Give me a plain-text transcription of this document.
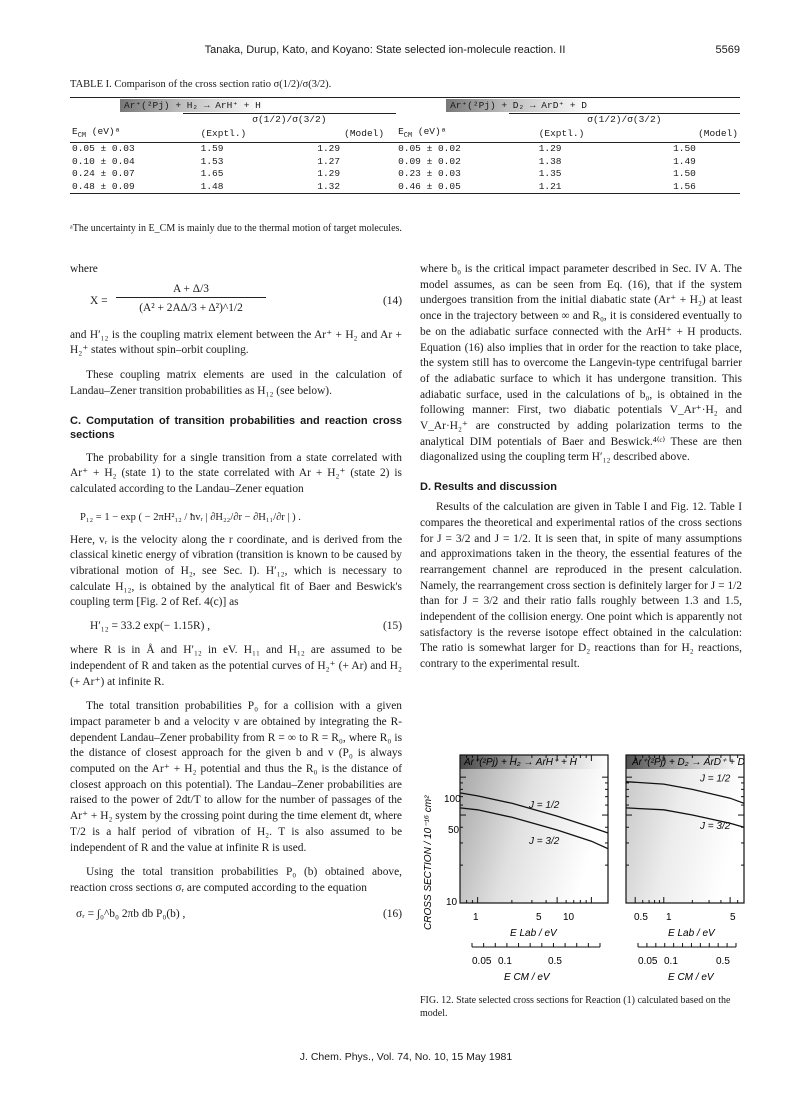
Tanaka, Durup, Kato, and Koyano: State selected ion-molecule reaction. II	5569
TABLE I. Comparison of the cross section ratio σ(1/2)/σ(3/2).

Ar⁺(²Pj) + H₂ → ArH⁺ + H			Ar⁺(²Pj) + D₂ → ArD⁺ + D		
	σ(1/2)/σ(3/2)			σ(1/2)/σ(3/2)	
$E_{CM}$ (eV)ᵃ	(Exptl.)	(Model)	$E_{CM}$ (eV)ᵃ	(Exptl.)	(Model)
0.05 ± 0.03	1.59	1.29	0.05 ± 0.02	1.29	1.50
0.10 ± 0.04	1.53	1.27	0.09 ± 0.02	1.38	1.49
0.24 ± 0.07	1.65	1.29	0.23 ± 0.03	1.35	1.50
0.48 ± 0.09	1.48	1.32	0.46 ± 0.05	1.21	1.56
ᵃThe uncertainty in E_CM is mainly due to the thermal motion of target molecules.

where

X =
A + Δ/3
(A² + 2AΔ/3 + Δ²)^1/2
(14)

and H′₁₂ is the coupling matrix element between the Ar⁺ + H₂ and Ar + H₂⁺ states without spin–orbit coupling.

These coupling matrix elements are used in the calculation of Landau–Zener transition probabilities as H₁₂ (see below).

C. Computation of transition probabilities and reaction cross sections

The probability for a single transition from a state correlated with Ar⁺ + H₂ (state 1) to the state correlated with Ar + H₂⁺ (state 2) is calculated according to the Landau–Zener equation

P₁₂ = 1 − exp ( − 2πH²₁₂ / ħvᵣ | ∂H₂₂/∂r − ∂H₁₁/∂r | ) .

Here, vᵣ is the velocity along the r coordinate, and is derived from the classical kinetic energy of vibration (transition is known to be caused by vibrational motion of H₂, see Sec. I). H′₁₂, which is necessary to calculate H₁₂, is obtained by the analytical fit of Baer and Beswick's coupling term [Fig. 2 of Ref. 4(c)] as

H′₁₂ = 33.2 exp(− 1.15R) ,	(15)

where R is in Å and H′₁₂ in eV. H₁₁ and H₁₂ are assumed to be independent of R and taken as the potential curves of H₂⁺ (+ Ar) and H₂ (+ Ar⁺) at infinite R.

The total transition probabilities P₀ for a collision with a given impact parameter b and a velocity v are obtained by integrating the R-dependent Landau–Zener probability from R = ∞ to R = R₀, where R₀ is the distance of closest approach for the given b and v (P₀ is always computed on the Ar⁺ + H₂ potential and thus the R₀ is the distance of closest approach on this potential). The Landau–Zener probabilities are raised to the power of 2dt/T to allow for the number of passages of the Ar⁺ + H₂ system by the crossing point during the time element dt, where T/2 is a half period of vibration of H₂. T is also assumed to be independent of R and the value at infinite R is used.

Using the total transition probabilities P₀ (b) obtained above, reaction cross sections σᵣ are computed according to the equation

σᵣ = ∫₀^b₀ 2πb db P₀(b) ,	(16)

where b₀ is the critical impact parameter described in Sec. IV A. The model assumes, as can be seen from Eq. (16), that if the system undergoes transition from the initial diabatic state (Ar⁺ + H₂) at least once in the trajectory between ∞ and R₀, it is considered eventually to be on the adiabatic surface connected with the ArH⁺ + H products. Equation (16) also implies that in order for the reaction to take place, the system still has to overcome the Langevin-type centrifugal barrier of the adiabatic surface to which it has undergone transition. This adiabatic surface, used in the calculations of b₀, is obtained in the following manner: First, two diabatic potentials V_Ar⁺·H₂ and V_Ar·H₂⁺ are constructed by adding polarization terms to the analytical DIM potentials of Baer and Beswick.⁴⁽ᶜ⁾ These are then diagonalized using the coupling term H′₁₂ described above.

D. Results and discussion

Results of the calculation are given in Table I and Fig. 12. Table I compares the theoretical and experimental ratios of the cross sections for J = 3/2 and J = 1/2. It is seen that, in spite of many assumptions and approximations taken in the theory, the essential features of the rearrangement channel are reproduced in the present calculation. Namely, the rearrangement cross section is definitely larger for J = 1/2 than for J = 3/2 and their ratio falls roughly between 1.3 and 1.5, independent of the collision energy. One point which is apparently not satisfactory is the reverse isotope effect obtained in the calculation: The ratio is somewhat larger for D₂ reactions than for H₂ reactions, contrary to the experimental result.

J = 1/2
J = 3/2
J = 1/2
J = 3/2
CROSS SECTION / 10⁻¹⁶ cm² 100
50
10
Ar⁺(²Pj) + H₂ → ArH⁺ + H	Ar⁺(²Pj) + D₂ → ArD⁺ + D
1	5 10	0.5 1	5
E Lab / eV	E Lab / eV
0.05 0.1	0.5	0.05 0.1	0.5
E CM / eV	E CM / eV
FIG. 12. State selected cross sections for Reaction (1) calculated based on the model.
J. Chem. Phys., Vol. 74, No. 10, 15 May 1981
